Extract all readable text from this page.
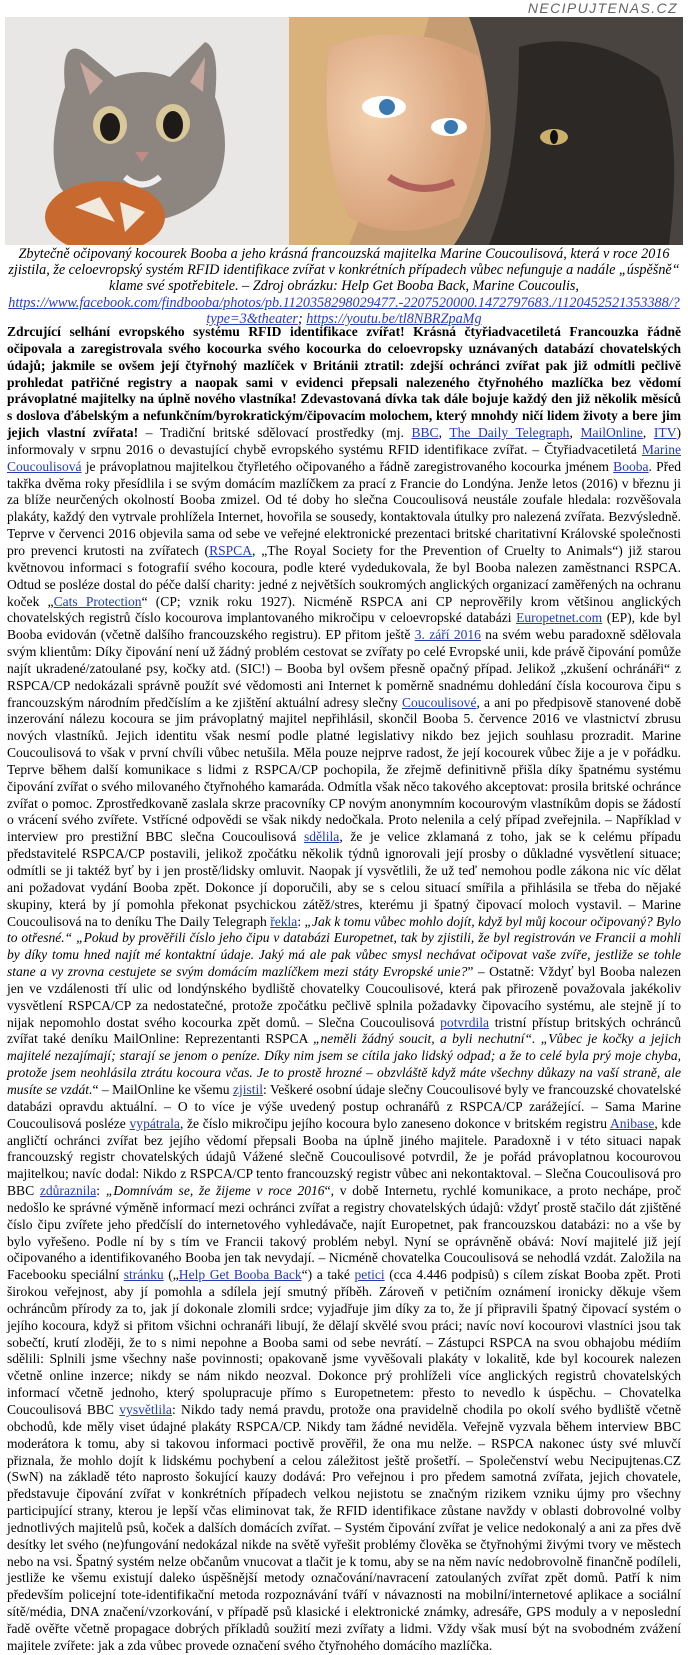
NECIPUJTENAS.CZ
Zbytečně očipovaný kocourek Booba a jeho krásná francouzská majitelka Marine Coucoulisová, která v roce 2016 zjistila, že celoevropský systém RFID identifikace zvířat v konkrétních případech vůbec nefunguje a nadále „úspěšně“ klame své spotřebitele. – Zdroj obrázku: Help Get Booba Back, Marine Coucoulis, https://www.facebook.com/findbooba/photos/pb.1120358298029477.-2207520000.1472797683./1120452521353388/?type=3&theater; https://youtu.be/tl8NBRZpaMg
Zdrcující selhání evropského systému RFID identifikace zvířat! Krásná čtyřiadvacetiletá Francouzka řádně očipovala a zaregistrovala svého kocourka svého kocourka do celoevropsky uznávaných databází chovatelských údajů; jakmile se ovšem její čtyřnohý mazlíček v Británii ztratil: zdejší ochránci zvířat pak již odmítli pečlivě prohledat patřičné registry a naopak sami v evidenci přepsali nalezeného čtyřnohého mazlíčka bez vědomí právoplatné majitelky na úplně nového vlastníka! Zdevastovaná dívka tak dále bojuje každý den již několik měsíců s doslova ďábelským a nefunkčním/byrokratickým/čipovacím molochem, který mnohdy ničí lidem životy a bere jim jejich vlastní zvířata! – Tradiční britské sdělovací prostředky (mj. BBC, The Daily Telegraph, MailOnline, ITV) informovaly v srpnu 2016 o devastující chybě evropského systému RFID identifikace zvířat. – Čtyřiadvacetiletá Marine Coucoulisová je právoplatnou majitelkou čtyřletého očipovaného a řádně zaregistrovaného kocourka jménem Booba. Před takřka dvěma roky přesídlila i se svým domácím mazlíčkem za prací z Francie do Londýna. Jenže letos (2016) v březnu ji za blíže neurčených okolností Booba zmizel. Od té doby ho slečna Coucoulisová neustále zoufale hledala: rozvěšovala plakáty, každý den vytrvale prohlížela Internet, hovořila se sousedy, kontaktovala útulky pro nalezená zvířata. Bezvýsledně. Teprve v červenci 2016 objevila sama od sebe ve veřejné elektronické prezentaci britské charitativní Královské společnosti pro prevenci krutosti na zvířatech (RSPCA, „The Royal Society for the Prevention of Cruelty to Animals“) již starou květnovou informaci s fotografií svého kocoura, podle které vydedukovala, že byl Booba nalezen zaměstnanci RSPCA. Odtud se posléze dostal do péče další charity: jedné z největších soukromých anglických organizací zaměřených na ochranu koček „Cats Protection“ (CP; vznik roku 1927). Nicméně RSPCA ani CP neprověřily krom většinou anglických chovatelských registrů číslo kocourova implantovaného mikročipu v celoevropské databázi Europetnet.com (EP), kde byl Booba evidován (včetně dalšího francouzského registru). EP přitom ještě 3. září 2016 na svém webu paradoxně sdělovala svým klientům: Díky čipování není už žádný problém cestovat se zvířaty po celé Evropské unii, kde právě čipování pomůže najít ukradené/zatoulané psy, kočky atd. (SIC!) – Booba byl ovšem přesně opačný případ. Jelikož „zkušení ochránáři“ z RSPCA/CP nedokázali správně použít své vědomosti ani Internet k poměrně snadnému dohledání čísla kocourova čipu s francouzským národním předčíslím a ke zjištění aktuální adresy slečny Coucoulisové, a ani po předpisově stanovené době inzerování nálezu kocoura se jim právoplatný majitel nepřihlásil, skončil Booba 5. července 2016 ve vlastnictví zbrusu nových vlastníků. Jejich identitu však nesmí podle platné legislativy nikdo bez jejich souhlasu prozradit. Marine Coucoulisová to však v první chvíli vůbec netušila. Měla pouze nejprve radost, že její kocourek vůbec žije a je v pořádku. Teprve během další komunikace s lidmi z RSPCA/CP pochopila, že zřejmě definitivně přišla díky špatnému systému čipování zvířat o svého milovaného čtyřnohého kamaráda. Odmítla však něco takového akceptovat: prosila britské ochránce zvířat o pomoc. Zprostředkovaně zaslala skrze pracovníky CP novým anonymním kocourovým vlastníkům dopis se žádostí o vrácení svého zvířete. Vstřícné odpovědi se však nikdy nedočkala. Proto nelenila a celý případ zveřejnila. – Například v interview pro prestižní BBC slečna Coucoulisová sdělila, že je velice zklamaná z toho, jak se k celému případu představitelé RSPCA/CP postavili, jelikož zpočátku několik týdnů ignorovali její prosby o důkladné vysvětlení situace; odmítli se ji taktéž byť by i jen prostě/lidsky omluvit. Naopak jí vysvětlili, že už teď nemohou podle zákona nic víc dělat ani požadovat vydání Booba zpět. Dokonce jí doporučili, aby se s celou situací smířila a přihlásila se třeba do nějaké skupiny, která by jí pomohla překonat psychickou zátěž/stres, kterému ji špatný čipovací moloch vystavil. – Marine Coucoulisová na to deníku The Daily Telegraph řekla: „Jak k tomu vůbec mohlo dojít, když byl můj kocour očipovaný? Bylo to otřesné.“ „Pokud by prověřili číslo jeho čipu v databázi Europetnet, tak by zjistili, že byl registrován ve Francii a mohli by díky tomu hned najít mé kontaktní údaje. Jaký má ale pak vůbec smysl nechávat očipovat vaše zvíře, jestliže se tohle stane a vy zrovna cestujete se svým domácím mazlíčkem mezi státy Evropské unie?” – Ostatně: Vždyť byl Booba nalezen jen ve vzdálenosti tří ulic od londýnského bydliště chovatelky Coucoulisové, která pak přirozeně považovala jakékoliv vysvětlení RSPCA/CP za nedostatečné, protože zpočátku pečlivě splnila požadavky čipovacího systému, ale stejně jí to nijak nepomohlo dostat svého kocourka zpět domů. – Slečna Coucoulisová potvrdila tristní přístup britských ochránců zvířat také deníku MailOnline: Reprezentanti RSPCA „neměli žádný soucit, a byli nechutní“. „Vůbec je kočky a jejich majitelé nezajímají; starají se jenom o peníze. Díky nim jsem se cítila jako lidský odpad; a že to celé byla prý moje chyba, protože jsem neohlásila ztrátu kocoura včas. Je to prostě hrozné – obzvláště když máte všechny důkazy na vaší straně, ale musíte se vzdát.“ – MailOnline ke všemu zjistil: Veškeré osobní údaje slečny Coucoulisové byly ve francouzské chovatelské databázi opravdu aktuální. – O to více je výše uvedený postup ochranářů z RSPCA/CP zarážející. – Sama Marine Coucoulisová posléze vypátrala, že číslo mikročipu jejího kocoura bylo zaneseno dokonce v britském registru Anibase, kde angličtí ochránci zvířat bez jejího vědomí přepsali Booba na úplně jiného majitele. Paradoxně i v této situaci napak francouzský registr chovatelských údajů Vážené slečně Coucoulisové potvrdil, že je pořád právoplatnou kocourovou majitelkou; navíc dodal: Nikdo z RSPCA/CP tento francouzský registr vůbec ani nekontaktoval. – Slečna Coucoulisová pro BBC zdůraznila: „Domnívám se, že žijeme v roce 2016“, v době Internetu, rychlé komunikace, a proto nechápe, proč nedošlo ke správné výměně informací mezi ochránci zvířat a registry chovatelských údajů: vždyť prostě stačilo dát zjištěné číslo čipu zvířete jeho předčíslí do internetového vyhledávače, najít Europetnet, pak francouzskou databázi: no a vše by bylo vyřešeno. Podle ní by s tím ve Francii takový problém nebyl. Nyní se oprávněně obává: Noví majitelé již její očipovaného a identifikovaného Booba jen tak nevydají. – Nicméně chovatelka Coucoulisová se nehodlá vzdát. Založila na Facebooku speciální stránku („Help Get Booba Back“) a také petici (cca 4.446 podpisů) s cílem získat Booba zpět. Proti širokou veřejnost, aby jí pomohla a sdílela její smutný příběh. Zároveň v petičním oznámení ironicky děkuje všem ochráncům přírody za to, jak jí dokonale zlomili srdce; vyjadřuje jim díky za to, že jí připravili špatný čipovací systém o jejího kocoura, když si přitom všichni ochranáři libují, že dělají skvělé svou práci; navíc noví kocourovi vlastníci jsou tak sobečtí, krutí zloději, že to s nimi nepohne a Booba sami od sebe nevrátí. – Zástupci RSPCA na svou obhajobu médiím sdělili: Splnili jsme všechny naše povinnosti; opakovaně jsme vyvěšovali plakáty v lokalitě, kde byl kocourek nalezen včetně online inzerce; nikdy se nám nikdo neozval. Dokonce prý prohlíželi více anglických registrů chovatelských informací včetně jednoho, který spolupracuje přímo s Europetnetem: přesto to nevedlo k úspěchu. – Chovatelka Coucoulisová BBC vysvětlila: Nikdo tady nemá pravdu, protože ona pravidelně chodila po okolí svého bydliště včetně obchodů, kde měly viset údajné plakáty RSPCA/CP. Nikdy tam žádné neviděla. Veřejně vyzvala během interview BBC moderátora k tomu, aby si takovou informaci poctivě prověřil, že ona mu nelže. – RSPCA nakonec ústy své mluvčí přiznala, že mohlo dojít k lidskému pochybení a celou záležitost ještě prošetří. – Společenství webu Necipujtenas.CZ (SwN) na základě této naprosto šokující kauzy dodává: Pro veřejnou i pro předem samotná zvířata, jejich chovatele, představuje čipování zvířat v konkrétních případech velkou nejistotu se značným rizikem vzniku újmy pro všechny participující strany, kterou je lepší včas eliminovat tak, že RFID identifikace zůstane navždy v oblasti dobrovolné volby jednotlivých majitelů psů, koček a dalších domácích zvířat. – Systém čipování zvířat je velice nedokonalý a ani za přes dvě desítky let svého (ne)fungování nedokázal nikde na světě vyřešit problémy člověka se čtyřnohými živými tvory ve městech nebo na vsi. Špatný systém nelze občanům vnucovat a tlačit je k tomu, aby se na něm navíc nedobrovolně finančně podíleli, jestliže ke všemu existují daleko úspěšnější metody označování/navracení zatoulaných zvířat zpět domů. Patří k nim především policejní tote-identifikační metoda rozpoznávání tváří v návaznosti na mobilní/internetové aplikace a sociální sítě/média, DNA značení/vzorkování, v případě psů klasické i elektronické známky, adresáře, GPS moduly a v neposlední řadě ověřte včetně propagace dobrých příkladů soužití mezi zvířaty a lidmi. Vždy však musí být na svobodném zvážení majitele zvířete: jak a zda vůbec provede označení svého čtyřnohého domácího mazlíčka.
